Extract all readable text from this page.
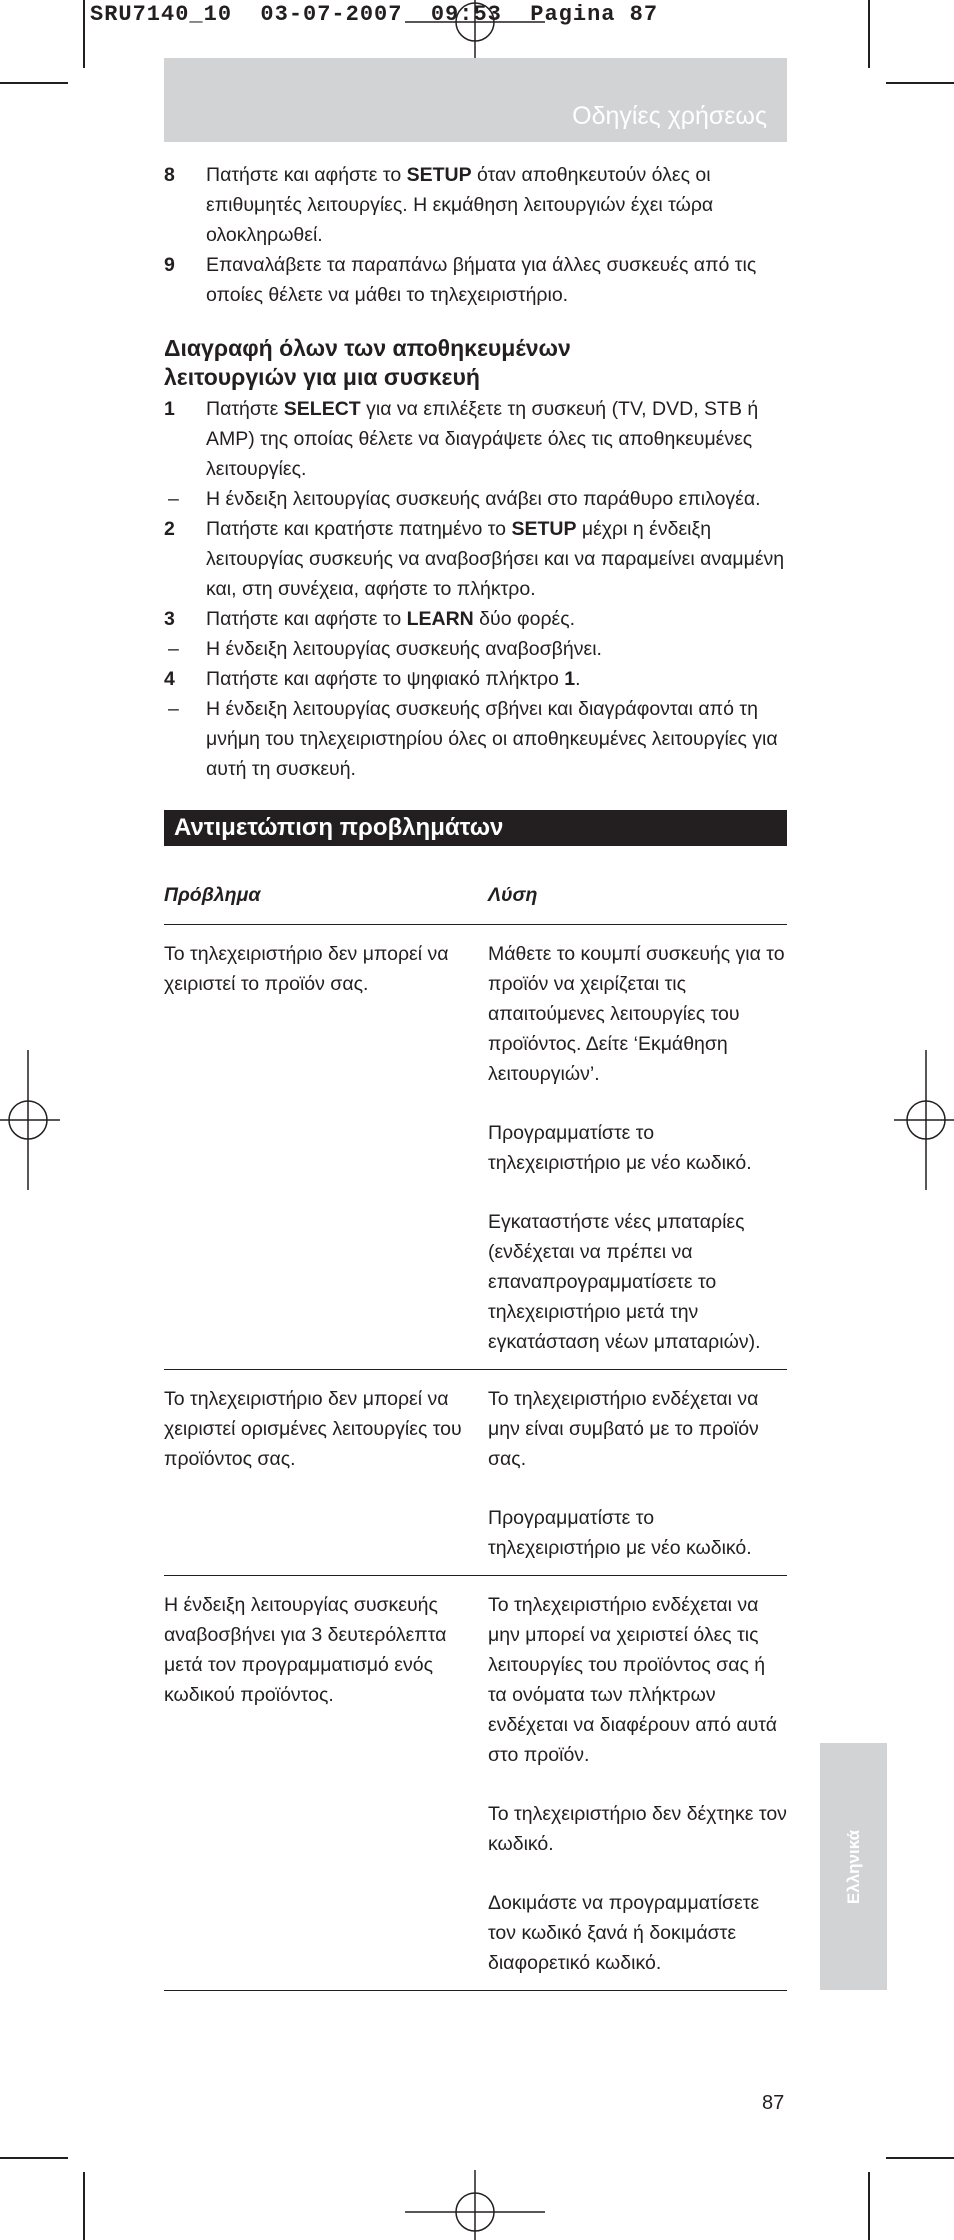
SRU7140_10  03-07-2007  09:53  Pagina 87
Οδηγίες χρήσεως
8 Πατήστε και αφήστε το SETUP όταν αποθηκευτούν όλες οι επιθυμητές λειτουργίες. Η εκμάθηση λειτουργιών έχει τώρα ολοκληρωθεί.
9 Επαναλάβετε τα παραπάνω βήματα για άλλες συσκευές από τις οποίες θέλετε να μάθει το τηλεχειριστήριο.
Διαγραφή όλων των αποθηκευμένων
λειτουργιών για μια συσκευή
1 Πατήστε SELECT για να επιλέξετε τη συσκευή (TV, DVD, STB ή AMP) της οποίας θέλετε να διαγράψετε όλες τις αποθηκευμένες λειτουργίες.
– Η ένδειξη λειτουργίας συσκευής ανάβει στο παράθυρο επιλογέα.
2 Πατήστε και κρατήστε πατημένο το SETUP μέχρι η ένδειξη λειτουργίας συσκευής να αναβοσβήσει και να παραμείνει αναμμένη και, στη συνέχεια, αφήστε το πλήκτρο.
3 Πατήστε και αφήστε το LEARN δύο φορές.
– Η ένδειξη λειτουργίας συσκευής αναβοσβήνει.
4 Πατήστε και αφήστε το ψηφιακό πλήκτρο 1.
– Η ένδειξη λειτουργίας συσκευής σβήνει και διαγράφονται από τη μνήμη του τηλεχειριστηρίου όλες οι αποθηκευμένες λειτουργίες για αυτή τη συσκευή.
Αντιμετώπιση προβλημάτων
Πρόβλημα	Λύση
Το τηλεχειριστήριο δεν μπορεί να χειριστεί το προϊόν σας.	Μάθετε το κουμπί συσκευής για το προϊόν να χειρίζεται τις απαιτούμενες λειτουργίες του προϊόντος. Δείτε ‘Εκμάθηση λειτουργιών’.
Προγραμματίστε το τηλεχειριστήριο με νέο κωδικό.
Εγκαταστήστε νέες μπαταρίες (ενδέχεται να πρέπει να επαναπρογραμματίσετε το τηλεχειριστήριο μετά την εγκατάσταση νέων μπαταριών).

Το τηλεχειριστήριο δεν μπορεί να χειριστεί ορισμένες λειτουργίες του προϊόντος σας.	Το τηλεχειριστήριο ενδέχεται να μην είναι συμβατό με το προϊόν σας.
Προγραμματίστε το τηλεχειριστήριο με νέο κωδικό.

Η ένδειξη λειτουργίας συσκευής αναβοσβήνει για 3 δευτερόλεπτα μετά τον προγραμματισμό ενός κωδικού προϊόντος.	Το τηλεχειριστήριο ενδέχεται να μην μπορεί να χειριστεί όλες τις λειτουργίες του προϊόντος σας ή τα ονόματα των πλήκτρων ενδέχεται να διαφέρουν από αυτά στο προϊόν.
Το τηλεχειριστήριο δεν δέχτηκε τον κωδικό.
Δοκιμάστε να προγραμματίσετε τον κωδικό ξανά ή δοκιμάστε διαφορετικό κωδικό.
Ελληνικά
87
